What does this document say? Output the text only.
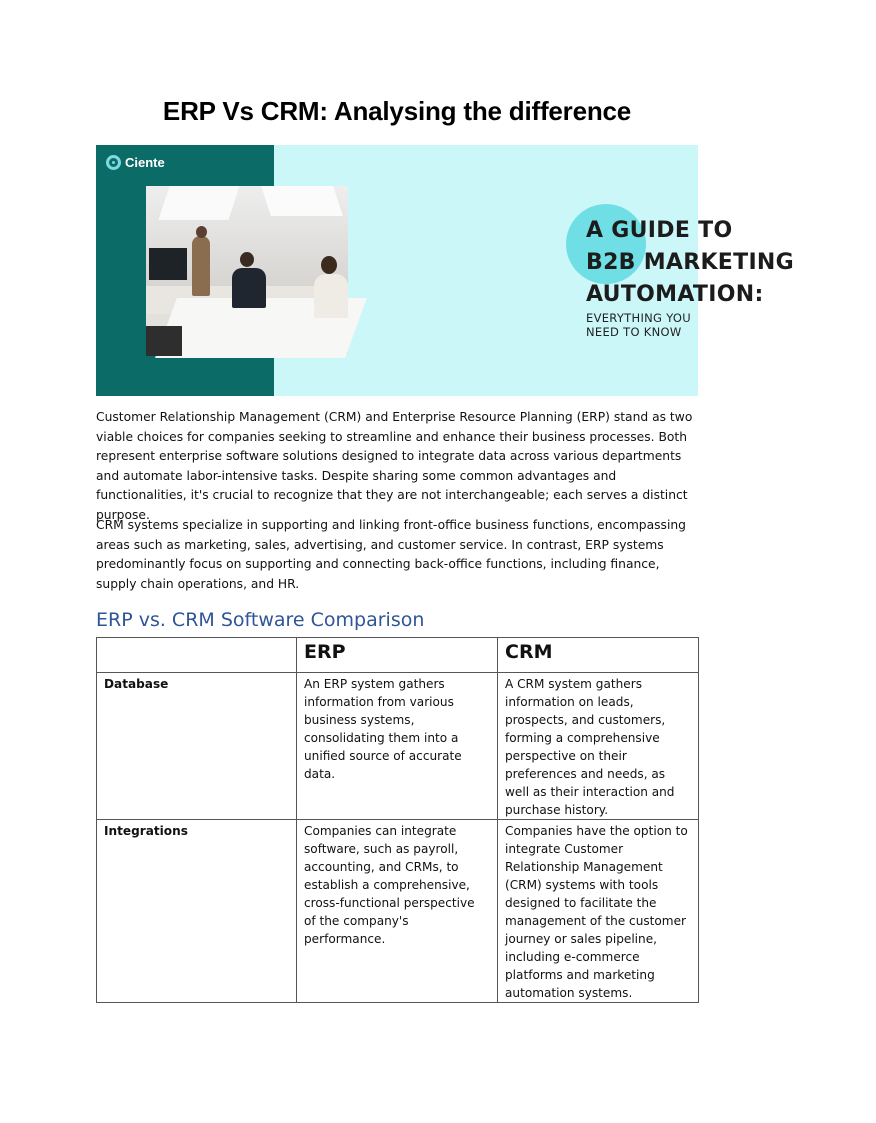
ERP Vs CRM: Analysing the difference
Ciente
A GUIDE TO
B2B MARKETING
AUTOMATION:
EVERYTHING YOU NEED TO KNOW

Customer Relationship Management (CRM) and Enterprise Resource Planning (ERP) stand as two viable choices for companies seeking to streamline and enhance their business processes. Both represent enterprise software solutions designed to integrate data across various departments and automate labor-intensive tasks. Despite sharing some common advantages and functionalities, it's crucial to recognize that they are not interchangeable; each serves a distinct purpose.

CRM systems specialize in supporting and linking front-office business functions, encompassing areas such as marketing, sales, advertising, and customer service. In contrast, ERP systems predominantly focus on supporting and connecting back-office functions, including finance, supply chain operations, and HR.

ERP vs. CRM Software Comparison
	ERP	CRM
Database	An ERP system gathers information from various business systems, consolidating them into a unified source of accurate data.	A CRM system gathers information on leads, prospects, and customers, forming a comprehensive perspective on their preferences and needs, as well as their interaction and purchase history.
Integrations	Companies can integrate software, such as payroll, accounting, and CRMs, to establish a comprehensive, cross-functional perspective of the company's performance.	Companies have the option to integrate Customer Relationship Management (CRM) systems with tools designed to facilitate the management of the customer journey or sales pipeline, including e-commerce platforms and marketing automation systems.
